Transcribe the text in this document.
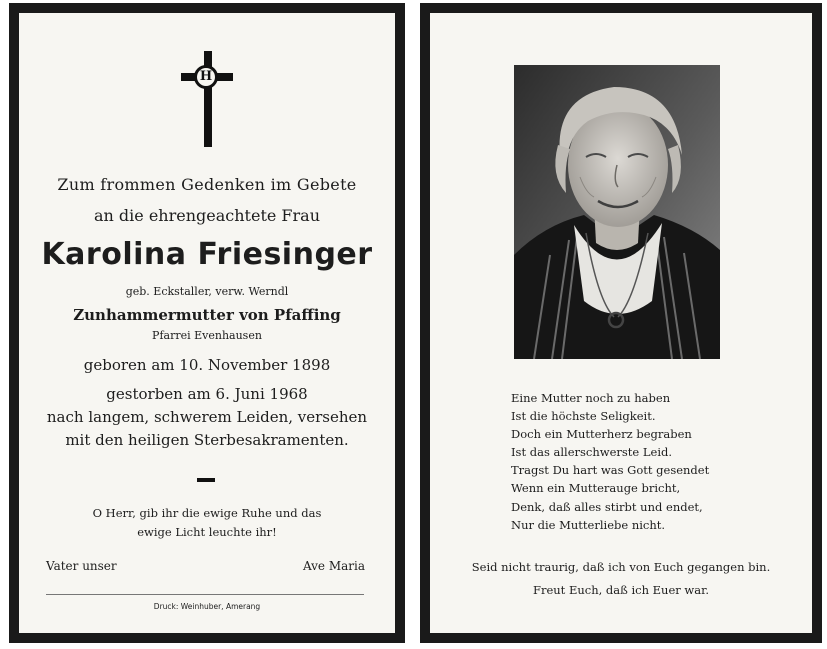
H
Zum frommen Gedenken im Gebete
an die ehrengeachtete Frau
Karolina Friesinger
geb. Eckstaller, verw. Werndl
Zunhammermutter von Pfaffing
Pfarrei Evenhausen
geboren am 10. November 1898
gestorben am 6. Juni 1968
nach langem, schwerem Leiden, versehen
mit den heiligen Sterbesakramenten.
O Herr, gib ihr die ewige Ruhe und das
ewige Licht leuchte ihr!
Vater unser	Ave Maria
Druck: Weinhuber, Amerang
Eine Mutter noch zu haben
Ist die höchste Seligkeit.
Doch ein Mutterherz begraben
Ist das allerschwerste Leid.
Tragst Du hart was Gott gesendet
Wenn ein Mutterauge bricht,
Denk, daß alles stirbt und endet,
Nur die Mutterliebe nicht.
Seid nicht traurig, daß ich von Euch gegangen bin.
Freut Euch, daß ich Euer war.
